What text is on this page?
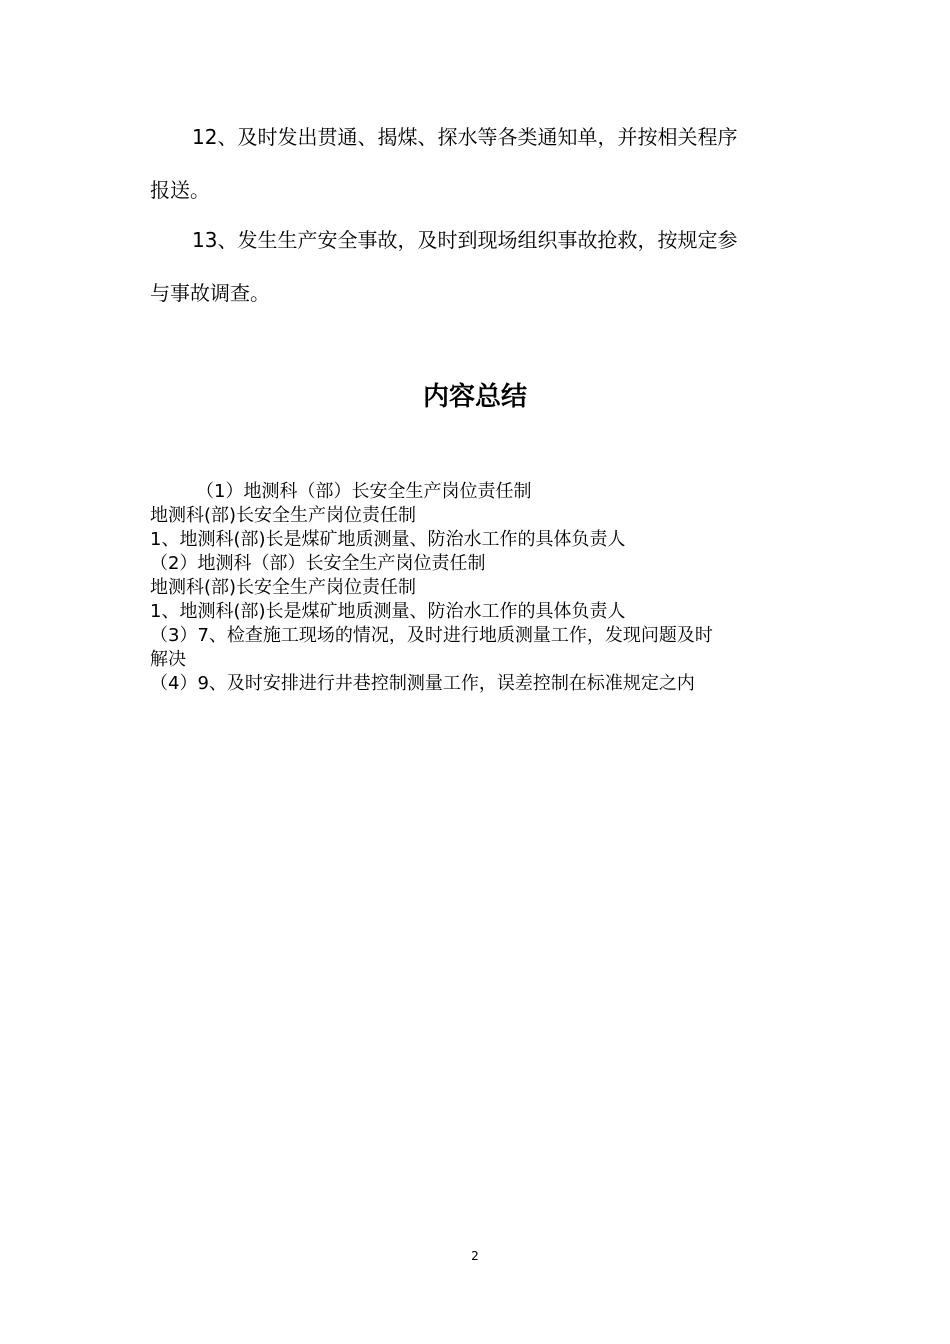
12、及时发出贯通、揭煤、探水等各类通知单，并按相关程序
报送。

13、发生生产安全事故，及时到现场组织事故抢救，按规定参
与事故调查。

内容总结
（1）地测科（部）长安全生产岗位责任制
地测科(部)长安全生产岗位责任制
1、地测科(部)长是煤矿地质测量、防治水工作的具体负责人
（2）地测科（部）长安全生产岗位责任制
地测科(部)长安全生产岗位责任制
1、地测科(部)长是煤矿地质测量、防治水工作的具体负责人
（3）7、检查施工现场的情况，及时进行地质测量工作，发现问题及时
解决
（4）9、及时安排进行井巷控制测量工作，误差控制在标准规定之内
2
